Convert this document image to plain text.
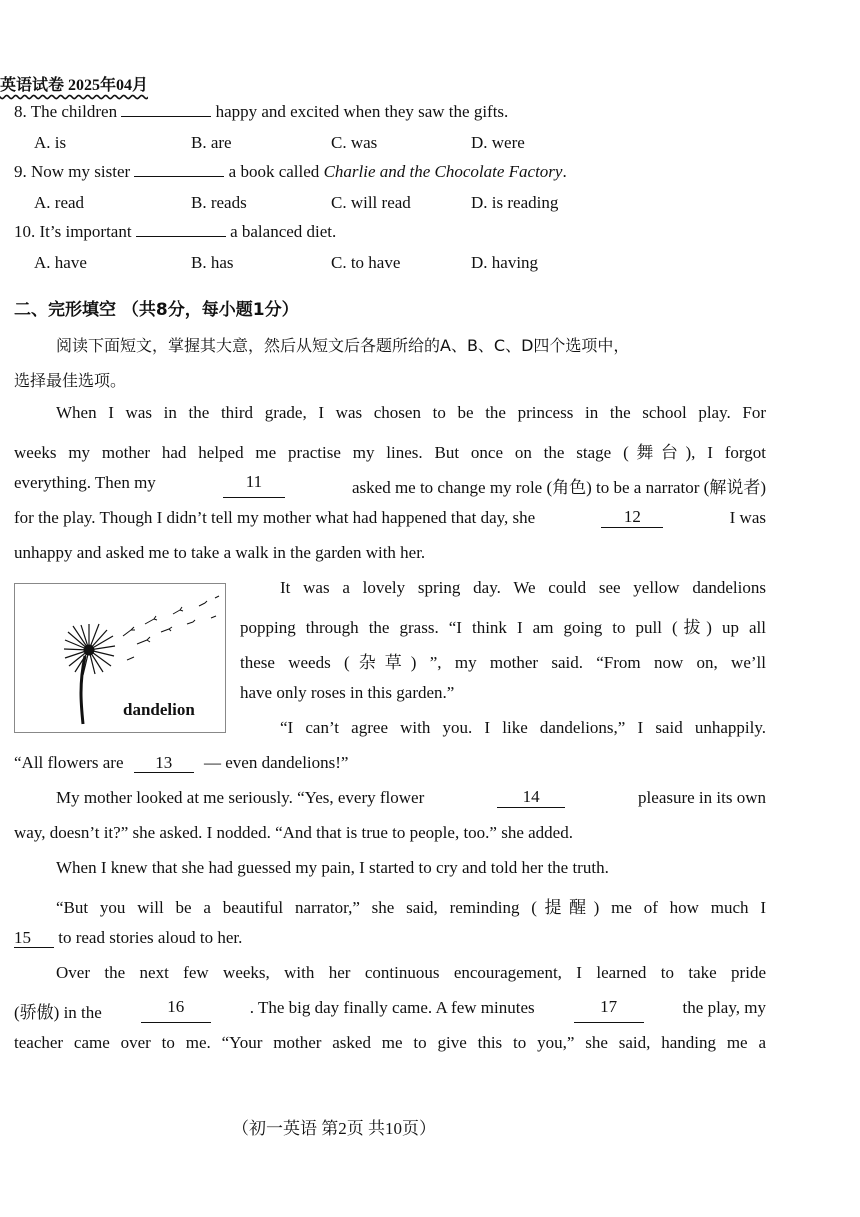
英语试卷 2025年04月
8. The children	happy and excited when they saw the gifts.
A. is	B. are	C. was	D. were
9. Now my sister	a book called Charlie and the Chocolate Factory.
A. read	B. reads	C. will read	D. is reading
10. It’s important	a balanced diet.
A. have	B. has	C. to have	D. having
二、完形填空 （共8分，每小题1分）
阅读下面短文，掌握其大意，然后从短文后各题所给的A、B、C、D四个选项中，
选择最佳选项。
When I was in the third grade, I was chosen to be the princess in the school play. For
weeks my mother had helped me practise my lines. But once on the stage (舞台), I forgot
everything. Then my	11	asked me to change my role (角色) to be a narrator (解说者)
for the play. Though I didn’t tell my mother what had happened that day, she	12	I was
unhappy and asked me to take a walk in the garden with her.
dandelion
It was a lovely spring day. We could see yellow dandelions
popping through the grass. “I think I am going to pull (拔) up all
these weeds (杂草) ”, my mother said. “From now on, we’ll
have only roses in this garden.”
“I can’t agree with you. I like dandelions,” I said unhappily.
“All flowers are 13 — even dandelions!”
My mother looked at me seriously. “Yes, every flower	14	pleasure in its own
way, doesn’t it?” she asked. I nodded. “And that is true to people, too.” she added.
When I knew that she had guessed my pain, I started to cry and told her the truth.
“But you will be a beautiful narrator,” she said, reminding (提醒) me of how much I
15 to read stories aloud to her.
Over the next few weeks, with her continuous encouragement, I learned to take pride
(骄傲) in the	16	. The big day finally came. A few minutes	17	the play, my
teacher came over to me. “Your mother asked me to give this to you,” she said, handing me a
（初一英语 第2页 共10页）
